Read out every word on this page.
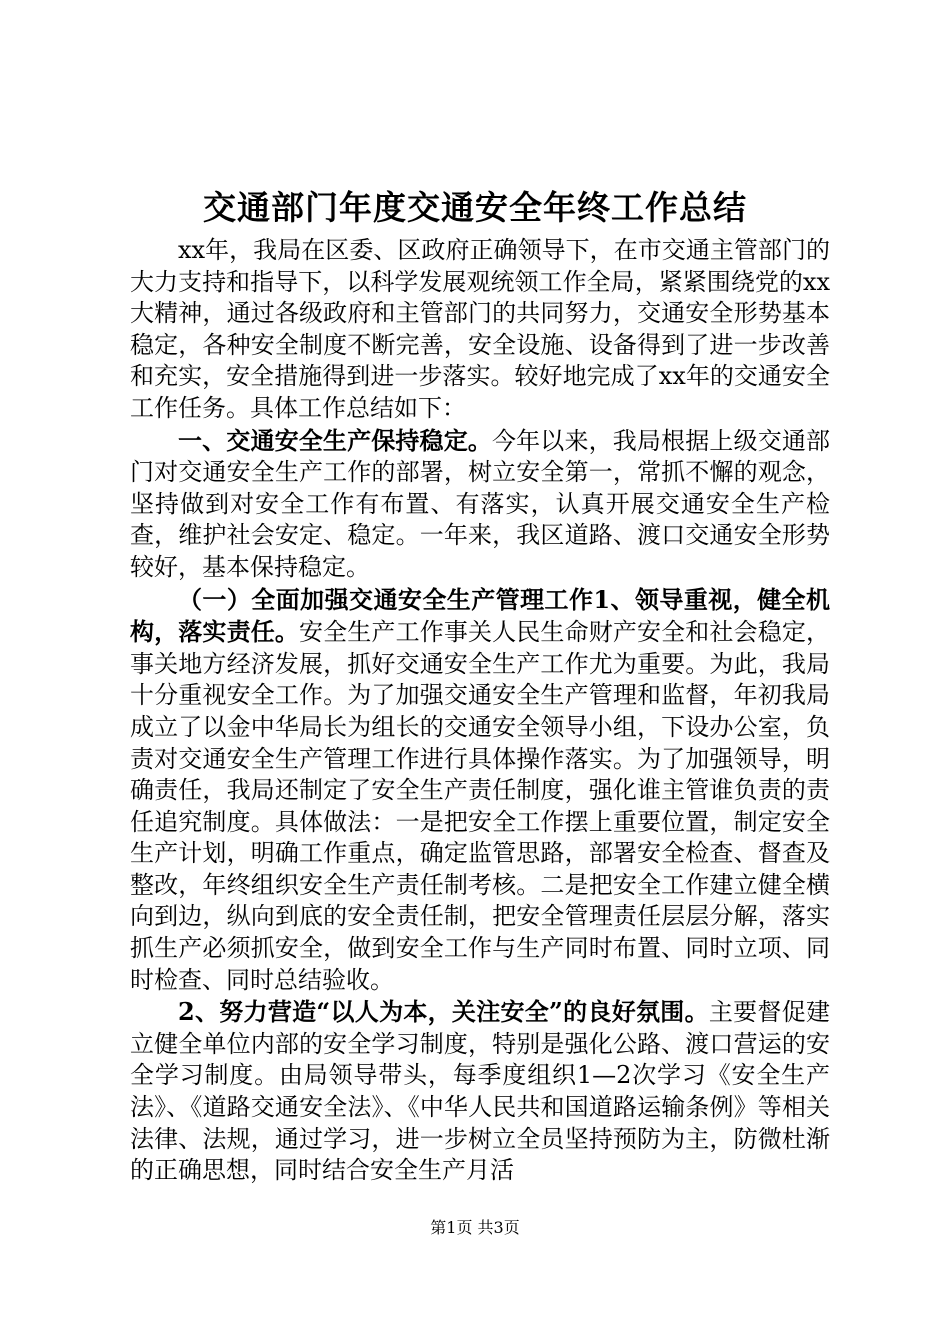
交通部门年度交通安全年终工作总结

xx年，我局在区委、区政府正确领导下，在市交通主管部门的大力支持和指导下，以科学发展观统领工作全局，紧紧围绕党的xx大精神，通过各级政府和主管部门的共同努力，交通安全形势基本稳定，各种安全制度不断完善，安全设施、设备得到了进一步改善和充实，安全措施得到进一步落实。较好地完成了xx年的交通安全工作任务。具体工作总结如下：

一、交通安全生产保持稳定。今年以来，我局根据上级交通部门对交通安全生产工作的部署，树立安全第一，常抓不懈的观念，坚持做到对安全工作有布置、有落实，认真开展交通安全生产检查，维护社会安定、稳定。一年来，我区道路、渡口交通安全形势较好，基本保持稳定。

（一）全面加强交通安全生产管理工作1、领导重视，健全机构，落实责任。安全生产工作事关人民生命财产安全和社会稳定，事关地方经济发展，抓好交通安全生产工作尤为重要。为此，我局十分重视安全工作。为了加强交通安全生产管理和监督，年初我局成立了以金中华局长为组长的交通安全领导小组，下设办公室，负责对交通安全生产管理工作进行具体操作落实。为了加强领导，明确责任，我局还制定了安全生产责任制度，强化谁主管谁负责的责任追究制度。具体做法：一是把安全工作摆上重要位置，制定安全生产计划，明确工作重点，确定监管思路，部署安全检查、督查及整改，年终组织安全生产责任制考核。二是把安全工作建立健全横向到边，纵向到底的安全责任制，把安全管理责任层层分解，落实抓生产必须抓安全，做到安全工作与生产同时布置、同时立项、同时检查、同时总结验收。

2、努力营造“以人为本，关注安全”的良好氛围。主要督促建立健全单位内部的安全学习制度，特别是强化公路、渡口营运的安全学习制度。由局领导带头，每季度组织1—2次学习《安全生产法》、《道路交通安全法》、《中华人民共和国道路运输条例》等相关法律、法规，通过学习，进一步树立全员坚持预防为主，防微杜渐的正确思想，同时结合安全生产月活

第1页 共3页
